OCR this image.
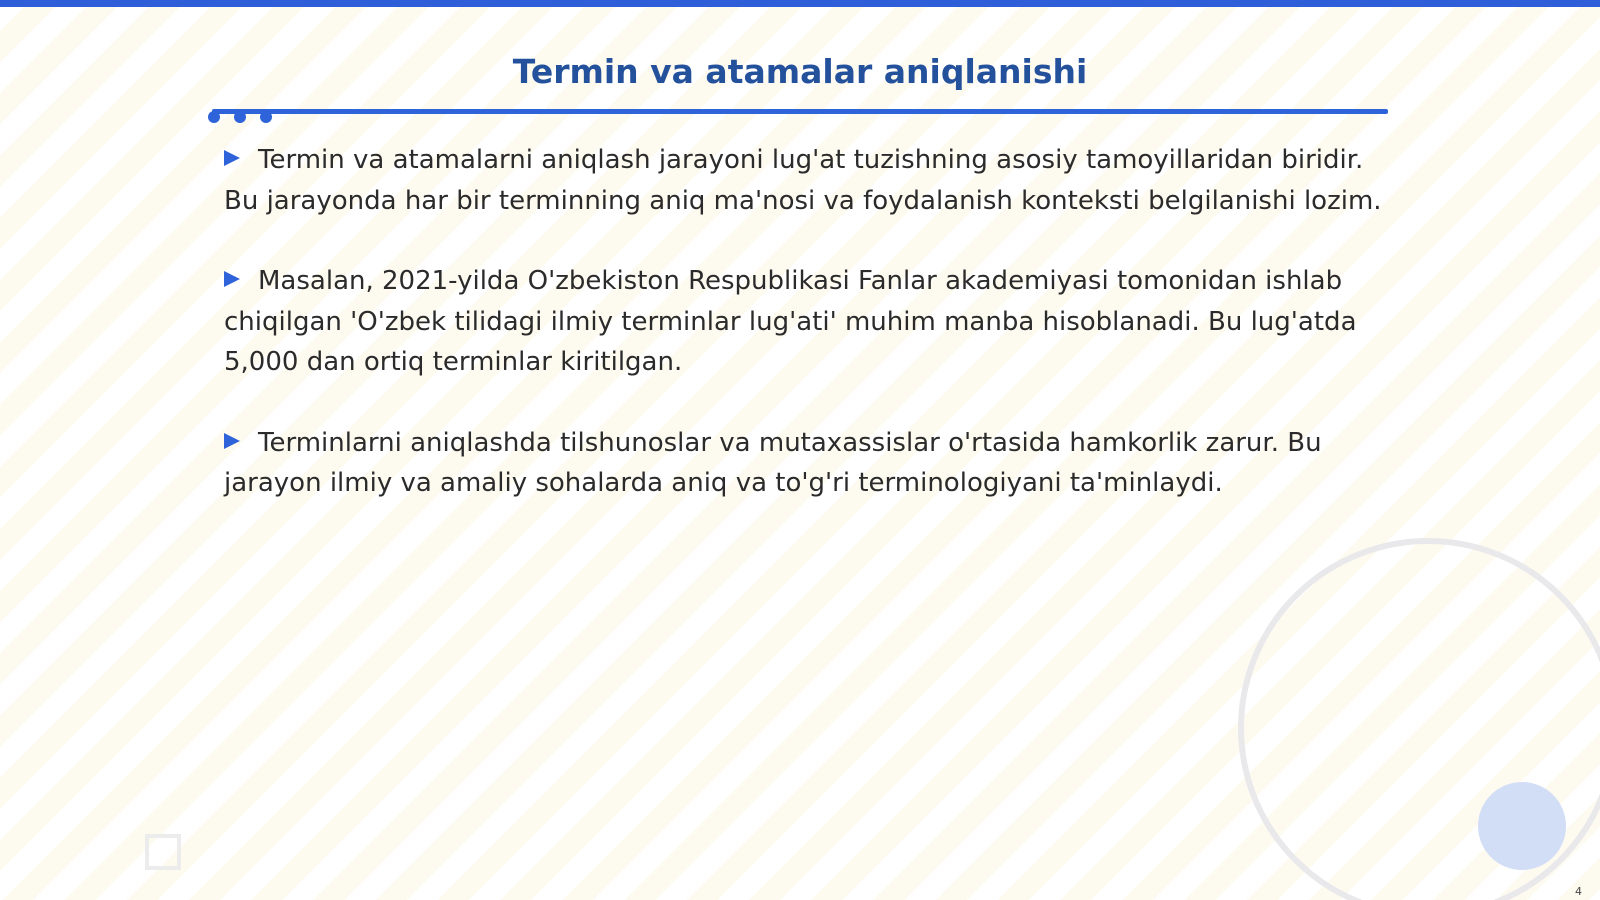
Termin va atamalar aniqlanishi

Termin va atamalarni aniqlash jarayoni lug'at tuzishning asosiy tamoyillaridan biridir. Bu jarayonda har bir terminning aniq ma'nosi va foydalanish konteksti belgilanishi lozim.

Masalan, 2021-yilda O'zbekiston Respublikasi Fanlar akademiyasi tomonidan ishlab chiqilgan 'O'zbek tilidagi ilmiy terminlar lug'ati' muhim manba hisoblanadi. Bu lug'atda 5,000 dan ortiq terminlar kiritilgan.

Terminlarni aniqlashda tilshunoslar va mutaxassislar o'rtasida hamkorlik zarur. Bu jarayon ilmiy va amaliy sohalarda aniq va to'g'ri terminologiyani ta'minlaydi.

4
